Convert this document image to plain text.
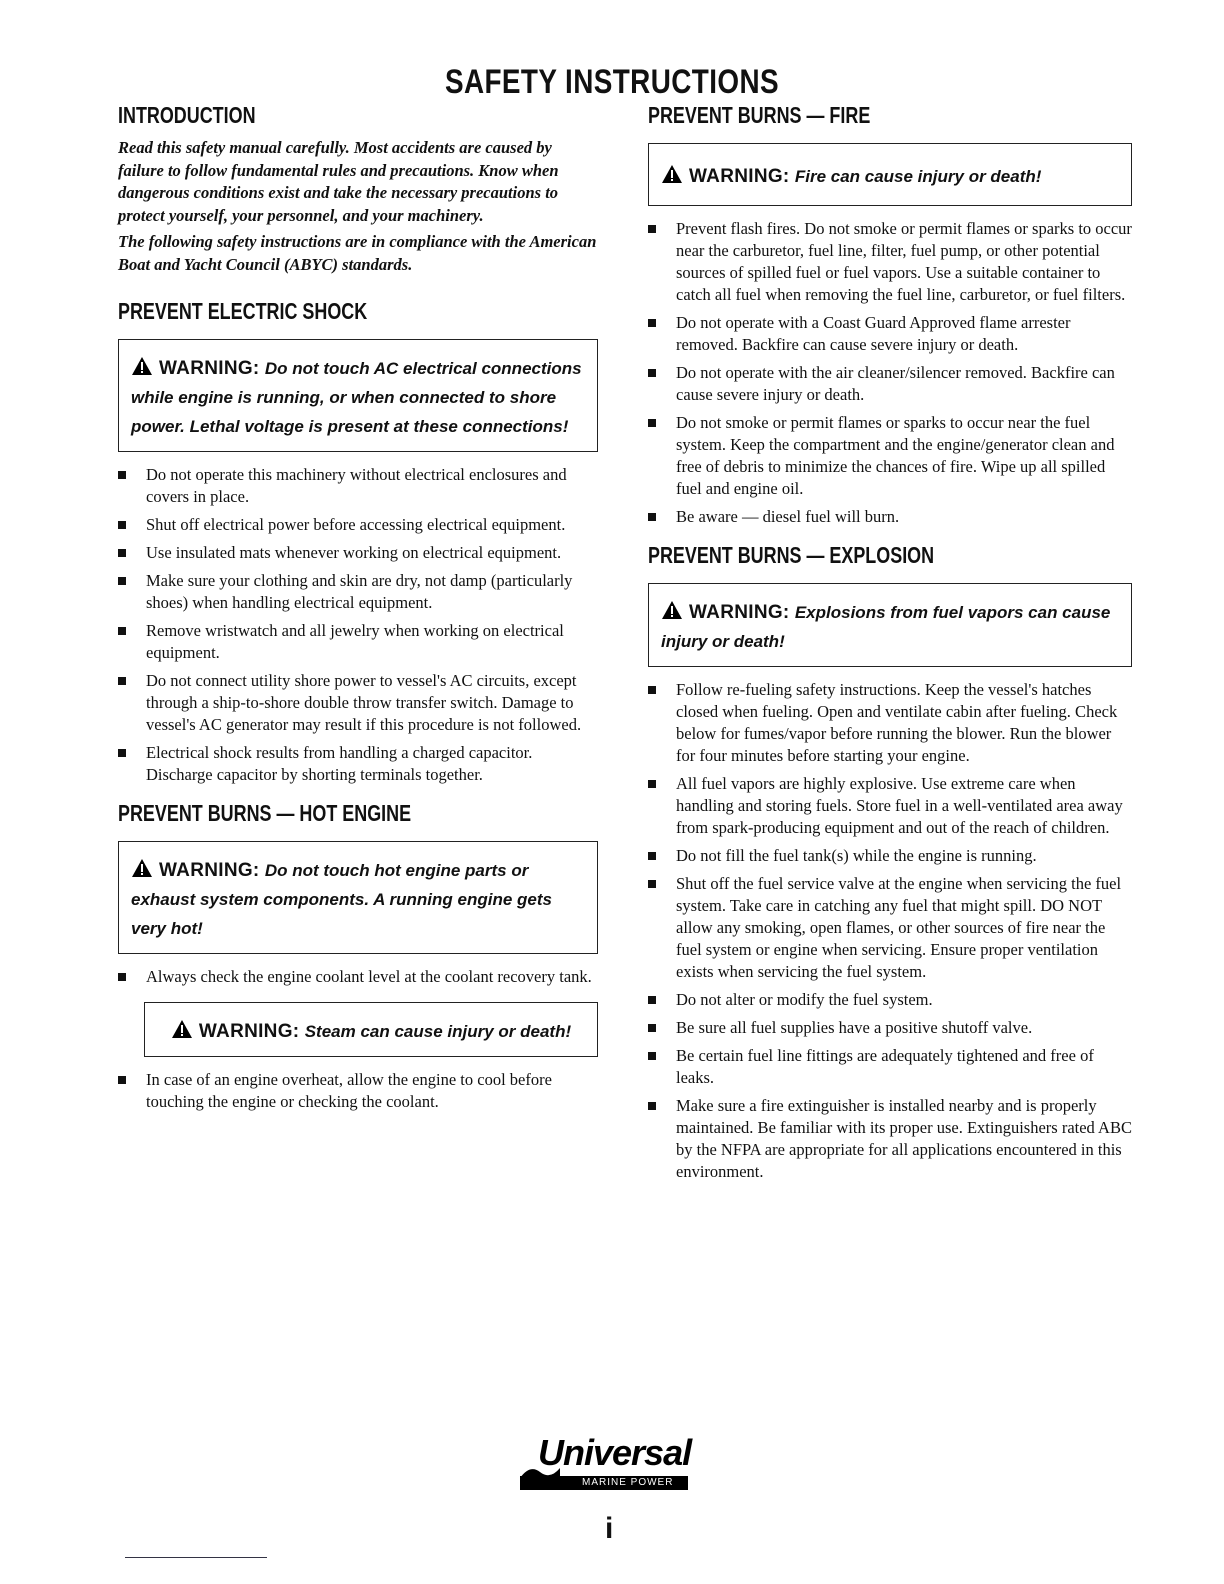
SAFETY INSTRUCTIONS
INTRODUCTION

Read this safety manual carefully. Most accidents are caused by failure to follow fundamental rules and precautions. Know when dangerous conditions exist and take the necessary precautions to protect yourself, your personnel, and your machinery.

The following safety instructions are in compliance with the American Boat and Yacht Council (ABYC) standards.

PREVENT ELECTRIC SHOCK
WARNING: Do not touch AC electrical connections while engine is running, or when connected to shore power. Lethal voltage is present at these connections!
Do not operate this machinery without electrical enclosures and covers in place.
Shut off electrical power before accessing electrical equipment.
Use insulated mats whenever working on electrical equipment.
Make sure your clothing and skin are dry, not damp (particularly shoes) when handling electrical equipment.
Remove wristwatch and all jewelry when working on electrical equipment.
Do not connect utility shore power to vessel's AC circuits, except through a ship-to-shore double throw transfer switch. Damage to vessel's AC generator may result if this procedure is not followed.
Electrical shock results from handling a charged capacitor. Discharge capacitor by shorting terminals together.
PREVENT BURNS — HOT ENGINE
WARNING: Do not touch hot engine parts or exhaust system components. A running engine gets very hot!
Always check the engine coolant level at the coolant recovery tank.
WARNING: Steam can cause injury or death!
In case of an engine overheat, allow the engine to cool before touching the engine or checking the coolant.
PREVENT BURNS — FIRE
WARNING: Fire can cause injury or death!
Prevent flash fires. Do not smoke or permit flames or sparks to occur near the carburetor, fuel line, filter, fuel pump, or other potential sources of spilled fuel or fuel vapors. Use a suitable container to catch all fuel when removing the fuel line, carburetor, or fuel filters.
Do not operate with a Coast Guard Approved flame arrester removed. Backfire can cause severe injury or death.
Do not operate with the air cleaner/silencer removed. Backfire can cause severe injury or death.
Do not smoke or permit flames or sparks to occur near the fuel system. Keep the compartment and the engine/generator clean and free of debris to minimize the chances of fire. Wipe up all spilled fuel and engine oil.
Be aware — diesel fuel will burn.
PREVENT BURNS — EXPLOSION
WARNING: Explosions from fuel vapors can cause injury or death!
Follow re-fueling safety instructions. Keep the vessel's hatches closed when fueling. Open and ventilate cabin after fueling. Check below for fumes/vapor before running the blower. Run the blower for four minutes before starting your engine.
All fuel vapors are highly explosive. Use extreme care when handling and storing fuels. Store fuel in a well-ventilated area away from spark-producing equipment and out of the reach of children.
Do not fill the fuel tank(s) while the engine is running.
Shut off the fuel service valve at the engine when servicing the fuel system. Take care in catching any fuel that might spill. DO NOT allow any smoking, open flames, or other sources of fire near the fuel system or engine when servicing. Ensure proper ventilation exists when servicing the fuel system.
Do not alter or modify the fuel system.
Be sure all fuel supplies have a positive shutoff valve.
Be certain fuel line fittings are adequately tightened and free of leaks.
Make sure a fire extinguisher is installed nearby and is properly maintained. Be familiar with its proper use. Extinguishers rated ABC by the NFPA are appropriate for all applications encountered in this environment.
Universal
MARINE POWER
i
